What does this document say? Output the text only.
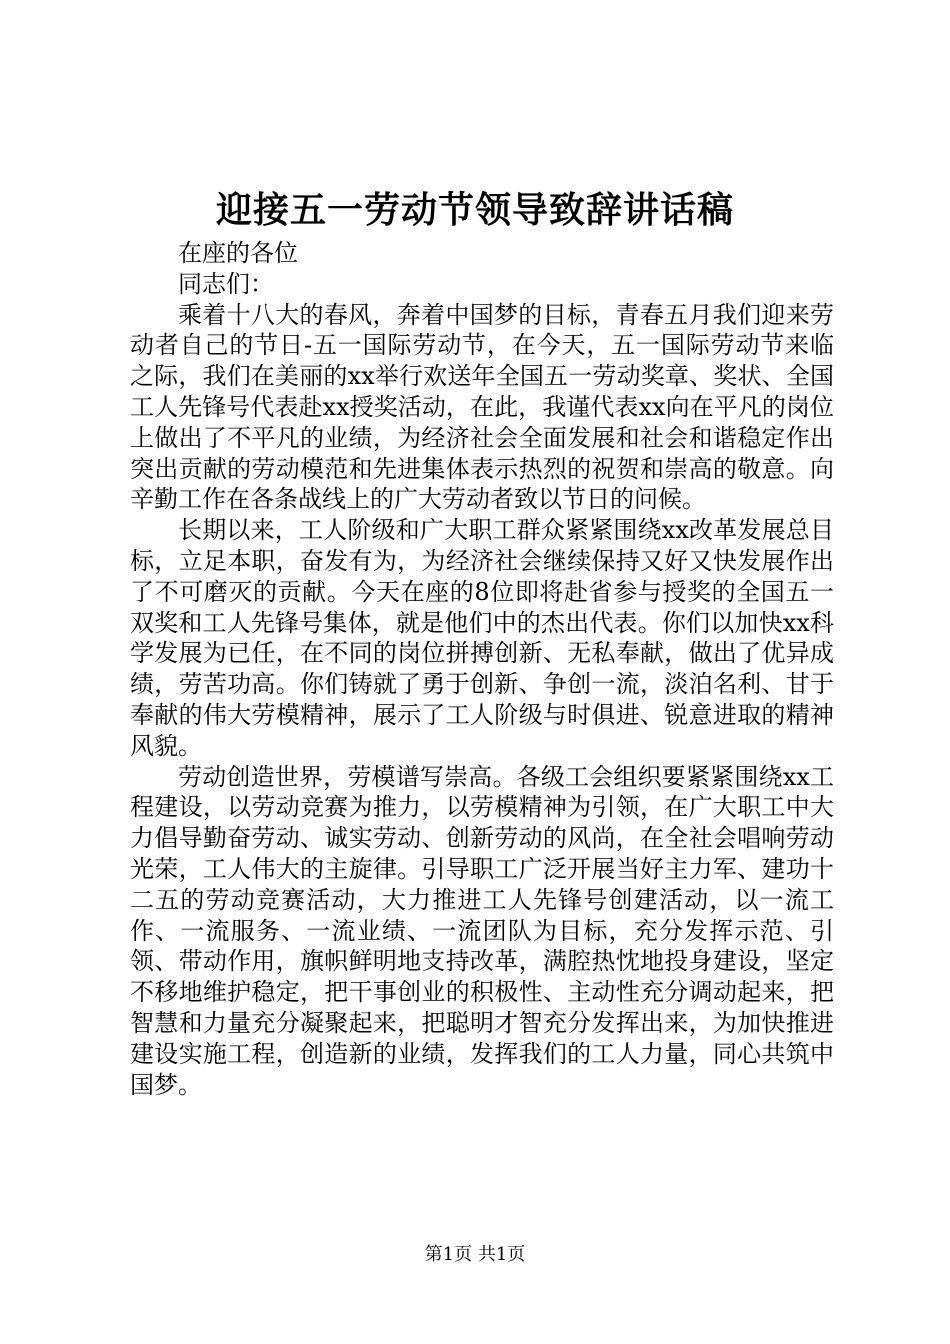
迎接五一劳动节领导致辞讲话稿

在座的各位

同志们：

乘着十八大的春风，奔着中国梦的目标，青春五月我们迎来劳动者自己的节日-五一国际劳动节，在今天，五一国际劳动节来临之际，我们在美丽的xx举行欢送年全国五一劳动奖章、奖状、全国工人先锋号代表赴xx授奖活动，在此，我谨代表xx向在平凡的岗位上做出了不平凡的业绩，为经济社会全面发展和社会和谐稳定作出突出贡献的劳动模范和先进集体表示热烈的祝贺和崇高的敬意。向辛勤工作在各条战线上的广大劳动者致以节日的问候。

长期以来，工人阶级和广大职工群众紧紧围绕xx改革发展总目标，立足本职，奋发有为，为经济社会继续保持又好又快发展作出了不可磨灭的贡献。今天在座的8位即将赴省参与授奖的全国五一双奖和工人先锋号集体，就是他们中的杰出代表。你们以加快xx科学发展为已任，在不同的岗位拼搏创新、无私奉献，做出了优异成绩，劳苦功高。你们铸就了勇于创新、争创一流，淡泊名利、甘于奉献的伟大劳模精神，展示了工人阶级与时俱进、锐意进取的精神风貌。

劳动创造世界，劳模谱写崇高。各级工会组织要紧紧围绕xx工程建设，以劳动竞赛为推力，以劳模精神为引领，在广大职工中大力倡导勤奋劳动、诚实劳动、创新劳动的风尚，在全社会唱响劳动光荣，工人伟大的主旋律。引导职工广泛开展当好主力军、建功十二五的劳动竞赛活动，大力推进工人先锋号创建活动，以一流工作、一流服务、一流业绩、一流团队为目标，充分发挥示范、引领、带动作用，旗帜鲜明地支持改革，满腔热忱地投身建设，坚定不移地维护稳定，把干事创业的积极性、主动性充分调动起来，把智慧和力量充分凝聚起来，把聪明才智充分发挥出来，为加快推进建设实施工程，创造新的业绩，发挥我们的工人力量，同心共筑中国梦。

第1页 共1页
